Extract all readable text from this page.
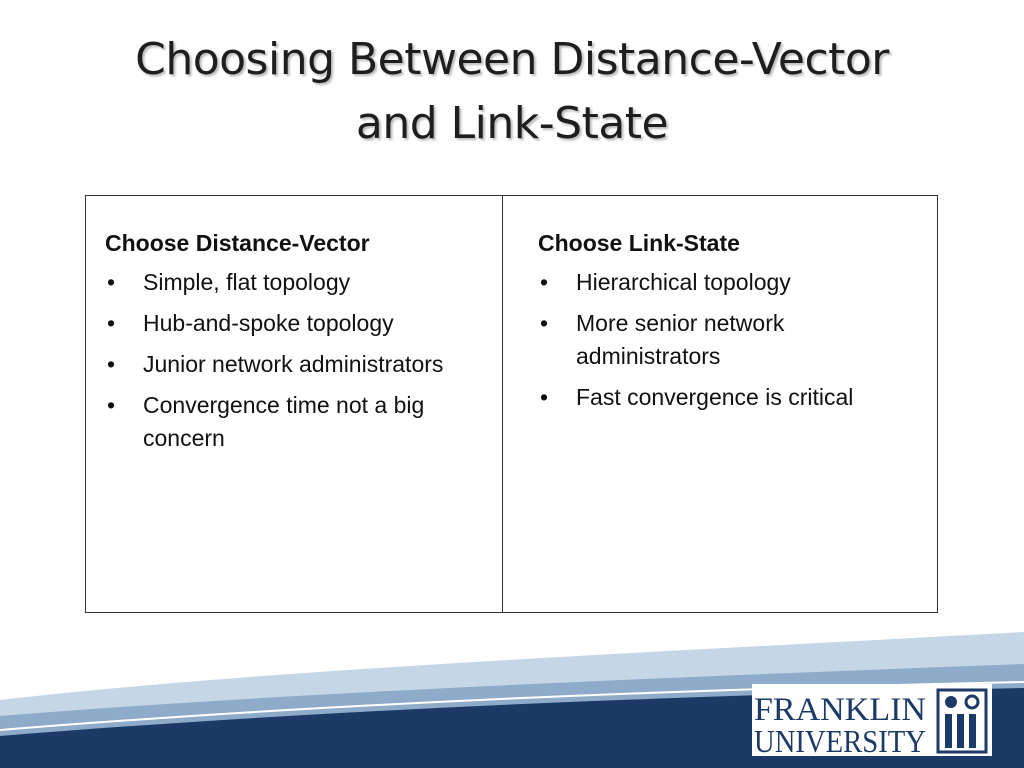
Choosing Between Distance-Vector
and Link-State
Choose Distance-Vector
• Simple, flat topology
• Hub-and-spoke topology
• Junior network administrators
• Convergence time not a big concern
Choose Link-State
• Hierarchical topology
• More senior network administrators
• Fast convergence is critical
FRANKLIN
UNIVERSITY
